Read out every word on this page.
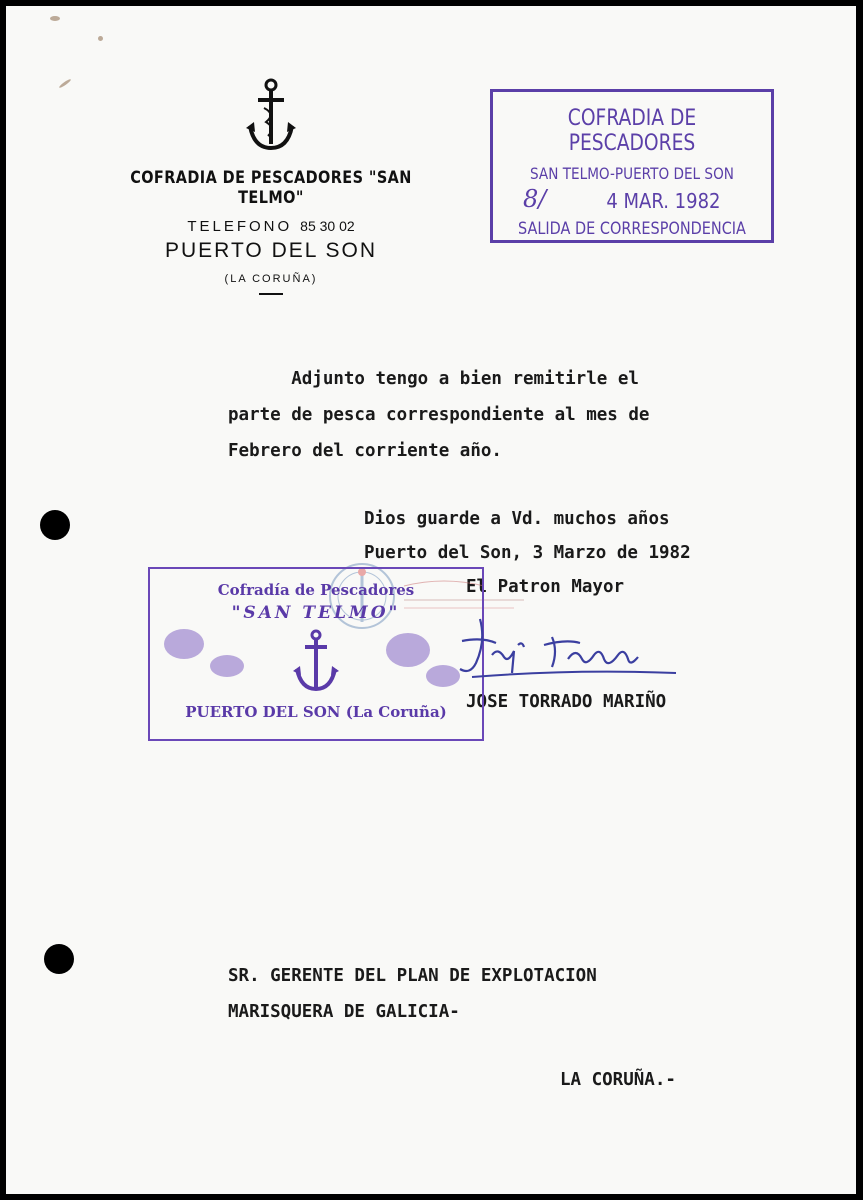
COFRADIA DE PESCADORES "SAN TELMO"
TELEFONO 85 30 02
PUERTO DEL SON
(LA CORUÑA)
COFRADIA DE PESCADORES
SAN TELMO-PUERTO DEL SON
8/	4 MAR. 1982
SALIDA DE CORRESPONDENCIA
Adjunto tengo a bien remitirle el
parte de pesca correspondiente al mes de
Febrero del corriente año.
Dios guarde a Vd. muchos años
Puerto del Son, 3 Marzo de 1982
El Patron Mayor
JOSE TORRADO MARIÑO
Cofradía de Pescadores
"SAN TELMO"
PUERTO DEL SON (La Coruña)
SR. GERENTE DEL PLAN DE EXPLOTACION
MARISQUERA DE GALICIA-
LA CORUÑA.-
